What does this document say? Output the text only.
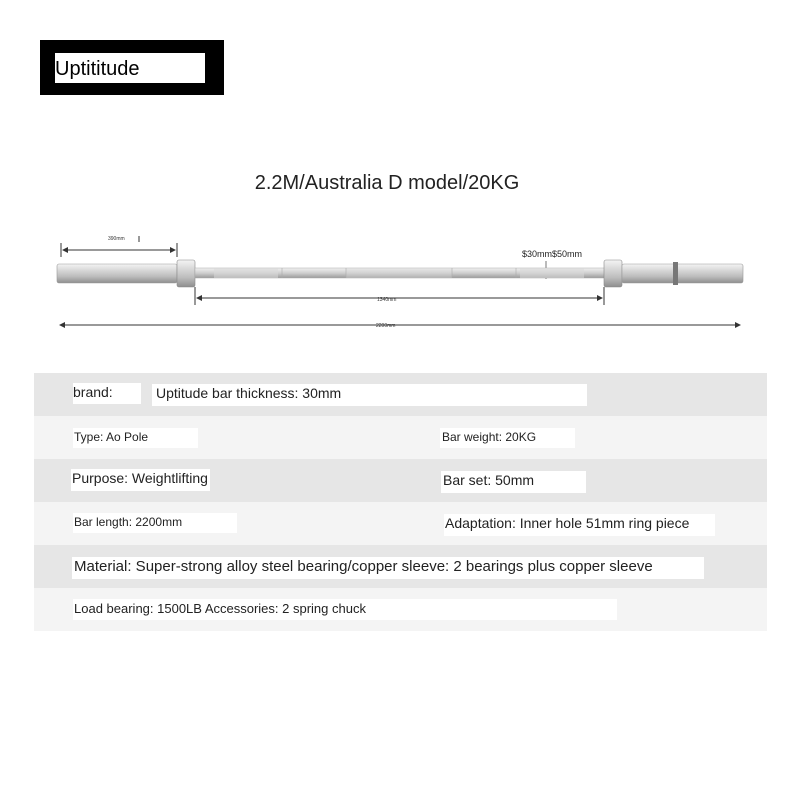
Uptititude
2.2M/Australia D model/20KG
390mm
$30mm$50mm
1340mm
2200mm
brand:	Uptitude bar thickness: 30mm
Type: Ao Pole	Bar weight: 20KG
Purpose: Weightlifting	Bar set: 50mm
Bar length: 2200mm	Adaptation: Inner hole 51mm ring piece
Material: Super-strong alloy steel bearing/copper sleeve: 2 bearings plus copper sleeve
Load bearing: 1500LB Accessories: 2 spring chuck
